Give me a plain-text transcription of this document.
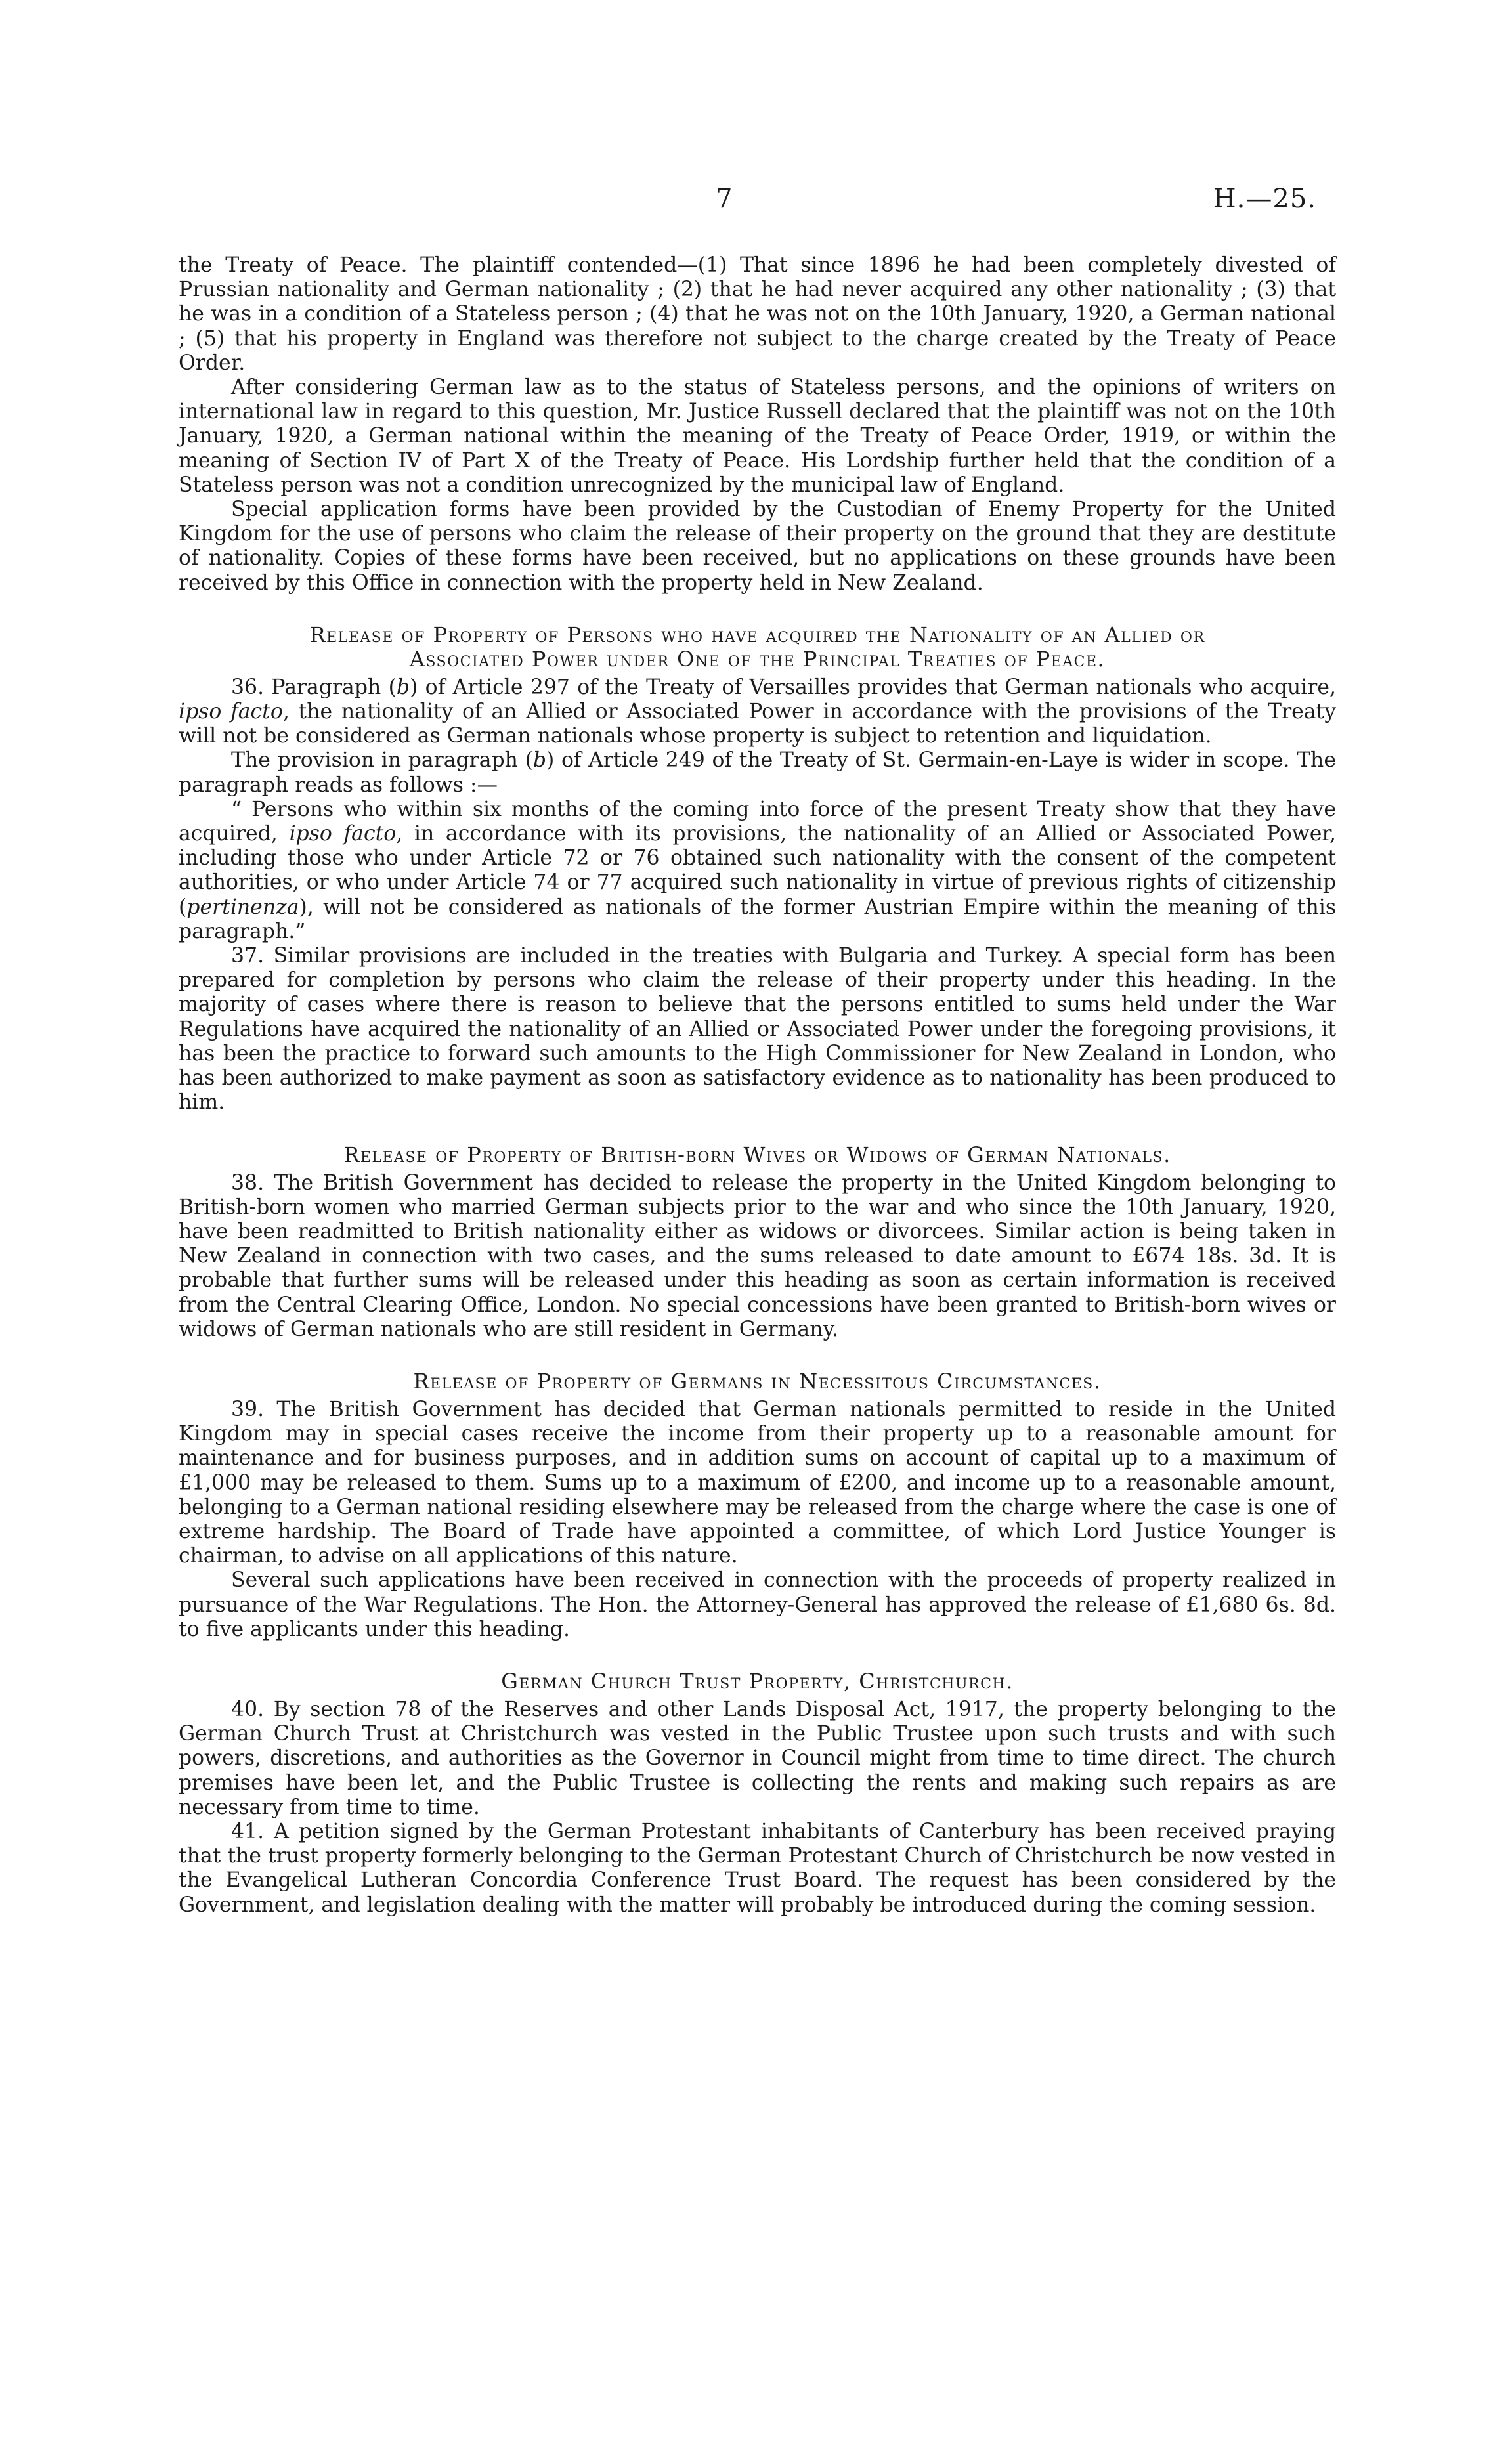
7	H.—25.

the Treaty of Peace. The plaintiff contended—(1) That since 1896 he had been completely divested of Prussian nationality and German nationality ; (2) that he had never acquired any other nationality ; (3) that he was in a condition of a Stateless person ; (4) that he was not on the 10th January, 1920, a German national ; (5) that his property in England was therefore not subject to the charge created by the Treaty of Peace Order.

After considering German law as to the status of Stateless persons, and the opinions of writers on international law in regard to this question, Mr. Justice Russell declared that the plaintiff was not on the 10th January, 1920, a German national within the meaning of the Treaty of Peace Order, 1919, or within the meaning of Section IV of Part X of the Treaty of Peace. His Lordship further held that the condition of a Stateless person was not a condition unrecognized by the municipal law of England.

Special application forms have been provided by the Custodian of Enemy Property for the United Kingdom for the use of persons who claim the release of their property on the ground that they are destitute of nationality. Copies of these forms have been received, but no applications on these grounds have been received by this Office in connection with the property held in New Zealand.

Release of Property of Persons who have acquired the Nationality of an Allied or
Associated Power under One of the Principal Treaties of Peace.

36. Paragraph (b) of Article 297 of the Treaty of Versailles provides that German nationals who acquire, ipso facto, the nationality of an Allied or Associated Power in accordance with the provisions of the Treaty will not be considered as German nationals whose property is subject to retention and liquidation.

The provision in paragraph (b) of Article 249 of the Treaty of St. Germain-en-Laye is wider in scope. The paragraph reads as follows :—

“ Persons who within six months of the coming into force of the present Treaty show that they have acquired, ipso facto, in accordance with its provisions, the nationality of an Allied or Associated Power, including those who under Article 72 or 76 obtained such nationality with the consent of the competent authorities, or who under Article 74 or 77 acquired such nationality in virtue of previous rights of citizenship (pertinenza), will not be considered as nationals of the former Austrian Empire within the meaning of this paragraph.”

37. Similar provisions are included in the treaties with Bulgaria and Turkey. A special form has been prepared for completion by persons who claim the release of their property under this heading. In the majority of cases where there is reason to believe that the persons entitled to sums held under the War Regulations have acquired the nationality of an Allied or Associated Power under the foregoing provisions, it has been the practice to forward such amounts to the High Commissioner for New Zealand in London, who has been authorized to make payment as soon as satisfactory evidence as to nationality has been produced to him.

Release of Property of British-born Wives or Widows of German Nationals.

38. The British Government has decided to release the property in the United Kingdom belonging to British-born women who married German subjects prior to the war and who since the 10th January, 1920, have been readmitted to British nationality either as widows or divorcees. Similar action is being taken in New Zealand in connection with two cases, and the sums released to date amount to £674 18s. 3d. It is probable that further sums will be released under this heading as soon as certain information is received from the Central Clearing Office, London. No special concessions have been granted to British-born wives or widows of German nationals who are still resident in Germany.

Release of Property of Germans in Necessitous Circumstances.

39. The British Government has decided that German nationals permitted to reside in the United Kingdom may in special cases receive the income from their property up to a reasonable amount for maintenance and for business purposes, and in addition sums on account of capital up to a maximum of £1,000 may be released to them. Sums up to a maximum of £200, and income up to a reasonable amount, belonging to a German national residing elsewhere may be released from the charge where the case is one of extreme hardship. The Board of Trade have appointed a committee, of which Lord Justice Younger is chairman, to advise on all applications of this nature.

Several such applications have been received in connection with the proceeds of property realized in pursuance of the War Regulations. The Hon. the Attorney-General has approved the release of £1,680 6s. 8d. to five applicants under this heading.

German Church Trust Property, Christchurch.

40. By section 78 of the Reserves and other Lands Disposal Act, 1917, the property belonging to the German Church Trust at Christchurch was vested in the Public Trustee upon such trusts and with such powers, discretions, and authorities as the Governor in Council might from time to time direct. The church premises have been let, and the Public Trustee is collecting the rents and making such repairs as are necessary from time to time.

41. A petition signed by the German Protestant inhabitants of Canterbury has been received praying that the trust property formerly belonging to the German Protestant Church of Christchurch be now vested in the Evangelical Lutheran Concordia Conference Trust Board. The request has been considered by the Government, and legislation dealing with the matter will probably be introduced during the coming session.
